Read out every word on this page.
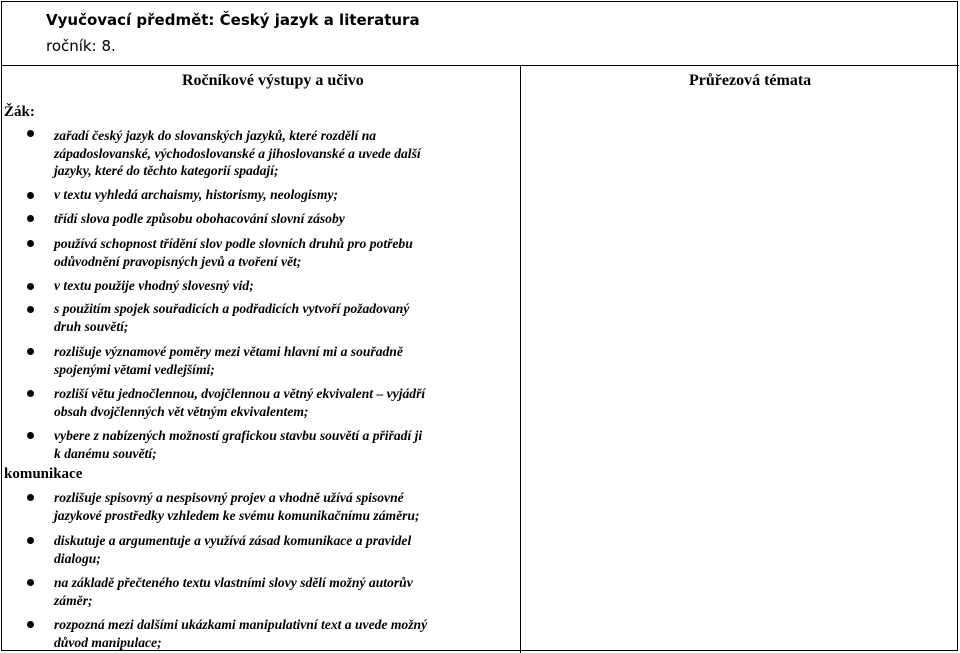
Vyučovací předmět: Český jazyk a literatura
ročník: 8.
Ročníkové výstupy a učivo	Průřezová témata
Žák:
komunikace
zařadí český jazyk do slovanských jazyků, které rozdělí na
západoslovanské, východoslovanské a jihoslovanské a uvede další
jazyky, které do těchto kategorií spadají;
v textu vyhledá archaismy, historismy, neologismy;
třídí slova podle způsobu obohacování slovní zásoby
používá schopnost třídění slov podle slovních druhů pro potřebu
odůvodnění pravopisných jevů a tvoření vět;
v textu použije vhodný slovesný vid;
s použitím spojek souřadicích a podřadicích vytvoří požadovaný
druh souvětí;
rozlišuje významové poměry mezi větami hlavní mi a souřadně
spojenými větami vedlejšími;
rozliší větu jednočlennou, dvojčlennou a větný ekvivalent – vyjádří
obsah dvojčlenných vět větným ekvivalentem;
vybere z nabízených možností grafickou stavbu souvětí a přiřadí ji
k danému souvětí;
rozlišuje spisovný a nespisovný projev a vhodně užívá spisovné
jazykové prostředky vzhledem ke svému komunikačnímu záměru;
diskutuje a argumentuje a využívá zásad komunikace a pravidel
dialogu;
na základě přečteného textu vlastními slovy sdělí možný autorův
záměr;
rozpozná mezi dalšími ukázkami manipulativní text a uvede možný
důvod manipulace;
